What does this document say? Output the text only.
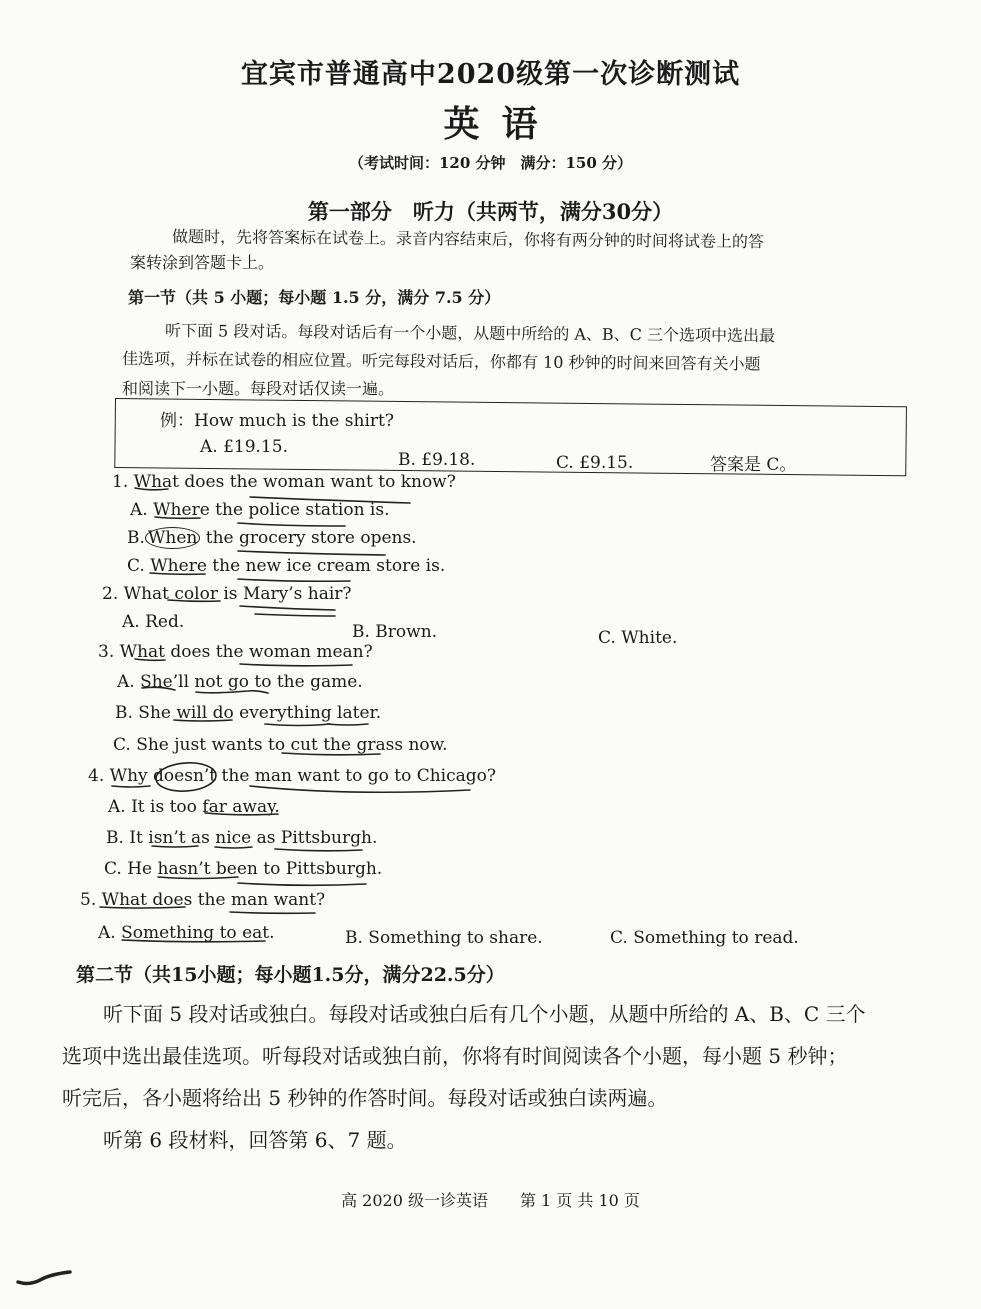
宜宾市普通高中2020级第一次诊断测试
英语
（考试时间：120 分钟　满分：150 分）
第一部分　听力（共两节，满分30分）
做题时，先将答案标在试卷上。录音内容结束后，你将有两分钟的时间将试卷上的答
案转涂到答题卡上。
第一节（共 5 小题；每小题 1.5 分，满分 7.5 分）
听下面 5 段对话。每段对话后有一个小题，从题中所给的 A、B、C 三个选项中选出最
佳选项，并标在试卷的相应位置。听完每段对话后，你都有 10 秒钟的时间来回答有关小题
和阅读下一小题。每段对话仅读一遍。
例：How much is the shirt?
A. £19.15.
B. £9.18.	C. £9.15.	答案是 C。
1. What does the woman want to know?
A. Where the police station is.
B. When the grocery store opens.
C. Where the new ice cream store is.
2. What color is Mary’s hair?
A. Red.	B. Brown.	C. White.
3. What does the woman mean?
A. She’ll not go to the game.
B. She will do everything later.
C. She just wants to cut the grass now.
4. Why doesn’t the man want to go to Chicago?
A. It is too far away.
B. It isn’t as nice as Pittsburgh.
C. He hasn’t been to Pittsburgh.
5. What does the man want?
A. Something to eat.	B. Something to share.	C. Something to read.
第二节（共15小题；每小题1.5分，满分22.5分）
听下面 5 段对话或独白。每段对话或独白后有几个小题，从题中所给的 A、B、C 三个
选项中选出最佳选项。听每段对话或独白前，你将有时间阅读各个小题，每小题 5 秒钟；
听完后，各小题将给出 5 秒钟的作答时间。每段对话或独白读两遍。
听第 6 段材料，回答第 6、7 题。
高 2020 级一诊英语　　第 1 页 共 10 页
